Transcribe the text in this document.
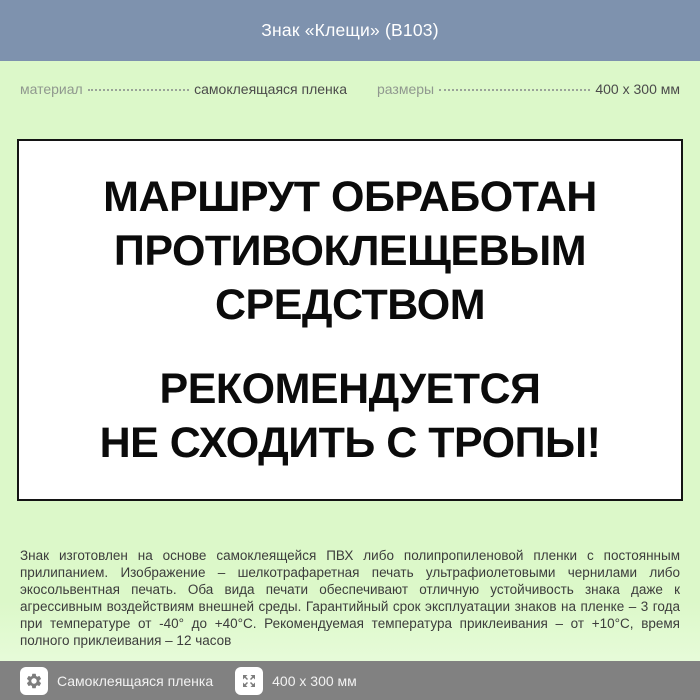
Знак «Клещи» (B103)
материал	самоклеящаяся пленка размеры	400 x 300 мм
МАРШРУТ ОБРАБОТАН
ПРОТИВОКЛЕЩЕВЫМ
СРЕДСТВОМ
РЕКОМЕНДУЕТСЯ
НЕ СХОДИТЬ С ТРОПЫ!

Знак изготовлен на основе самоклеящейся ПВХ либо полипропиленовой пленки с постоянным прилипанием. Изображение – шелкотрафаретная печать ультрафиолетовыми чернилами либо экосольвентная печать. Оба вида печати обеспечивают отличную устойчивость знака даже к агрессивным воздействиям внешней среды. Гарантийный срок эксплуатации знаков на пленке – 3 года при температуре от -40° до +40°С. Рекомендуемая температура приклеивания – от +10°С, время полного приклеивания – 12 часов

Самоклеящаяся пленка	400 x 300 мм
